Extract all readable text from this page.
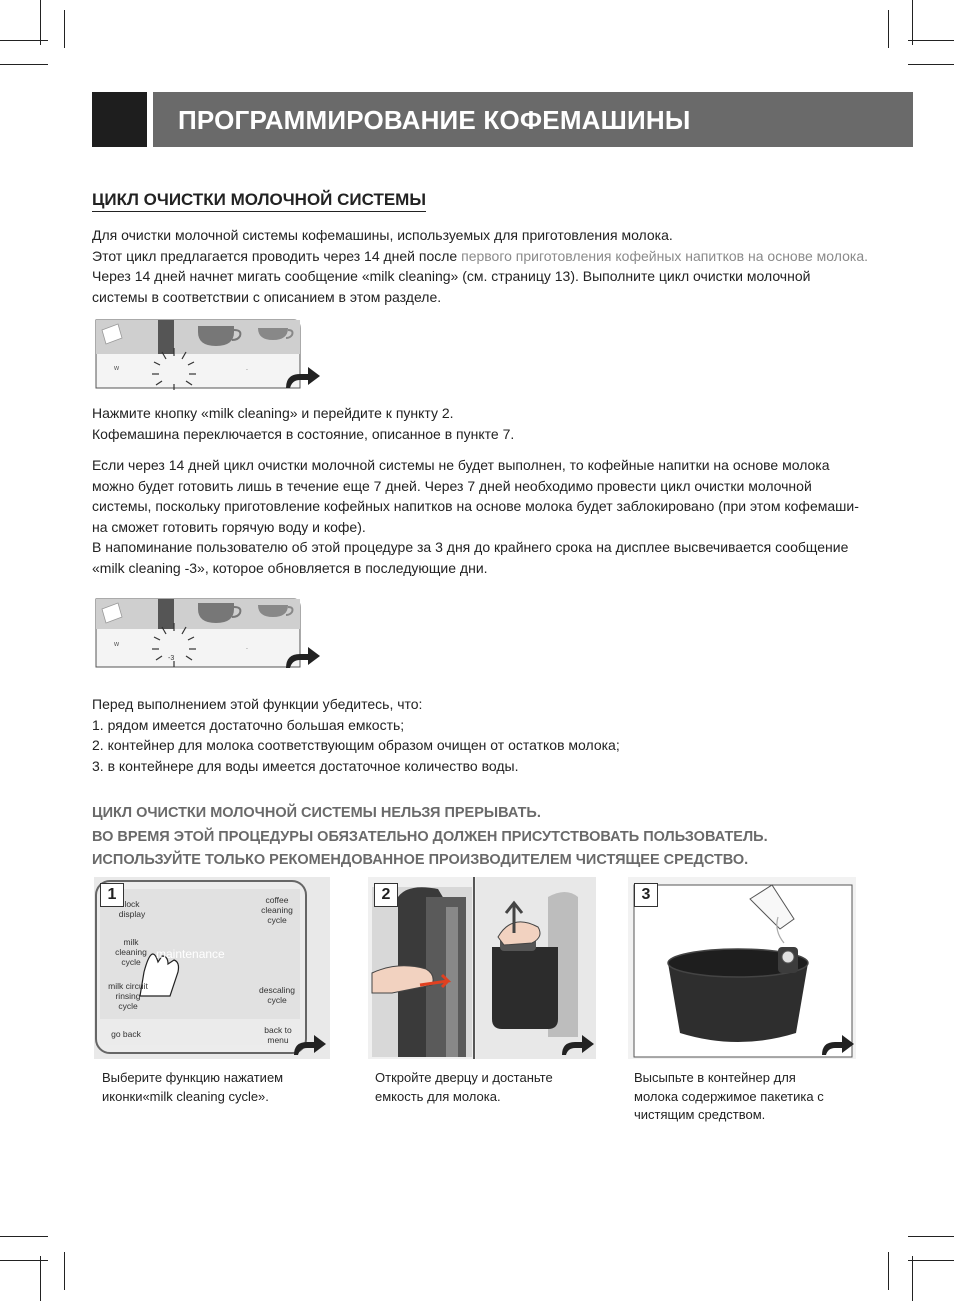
ПРОГРАММИРОВАНИЕ КОФЕМАШИНЫ
ЦИКЛ ОЧИСТКИ МОЛОЧНОЙ СИСТЕМЫ
Для очистки молочной системы кофемашины, используемых для приготовления молока.
Этот цикл предлагается проводить через 14 дней после первого приготовления кофейных напитков на основе молока.
Через 14 дней начнет мигать сообщение «milk cleaning» (см. страницу 13). Выполните цикл очистки молочной
системы в соответствии с описанием в этом разделе.
w	.
Нажмите кнопку «milk cleaning» и перейдите к пункту 2.
Кофемашина переключается в состояние, описанное в пункте 7.
Если через 14 дней цикл очистки молочной системы не будет выполнен, то кофейные напитки на основе молока
можно будет готовить лишь в течение еще 7 дней. Через 7 дней необходимо провести цикл очистки молочной
системы, поскольку приготовление кофейных напитков на основе молока будет заблокировано (при этом кофемаши-
на сможет готовить горячую воду и кофе).
В напоминание пользователю об этой процедуре за 3 дня до крайнего срока на дисплее высвечивается сообщение
«milk cleaning -3», которое обновляется в последующие дни.
w
-3
.
Перед выполнением этой функции убедитесь, что:
1. рядом имеется достаточно большая емкость;
2. контейнер для молока соответствующим образом очищен от остатков молока;
3. в контейнере для воды имеется достаточное количество воды.
ЦИКЛ ОЧИСТКИ МОЛОЧНОЙ СИСТЕМЫ НЕЛЬЗЯ ПРЕРЫВАТЬ.
ВО ВРЕМЯ ЭТОЙ ПРОЦЕДУРЫ ОБЯЗАТЕЛЬНО ДОЛЖЕН ПРИСУТСТВОВАТЬ ПОЛЬЗОВАТЕЛЬ.
ИСПОЛЬЗУЙТЕ ТОЛЬКО РЕКОМЕНДОВАННОЕ ПРОИЗВОДИТЕЛЕМ ЧИСТЯЩЕЕ СРЕДСТВО.
1
lock
display
coffee
cleaning
cycle
milk
cleaning
cycle
maintenance
milk circuit
rinsing
cycle
descaling
cycle
go back	back to
menu
Выберите функцию нажатием
иконки«milk cleaning cycle».
2
Откройте дверцу и достаньте
емкость для молока.
3
Высыпьте в контейнер для
молока содержимое пакетика с
чистящим средством.
